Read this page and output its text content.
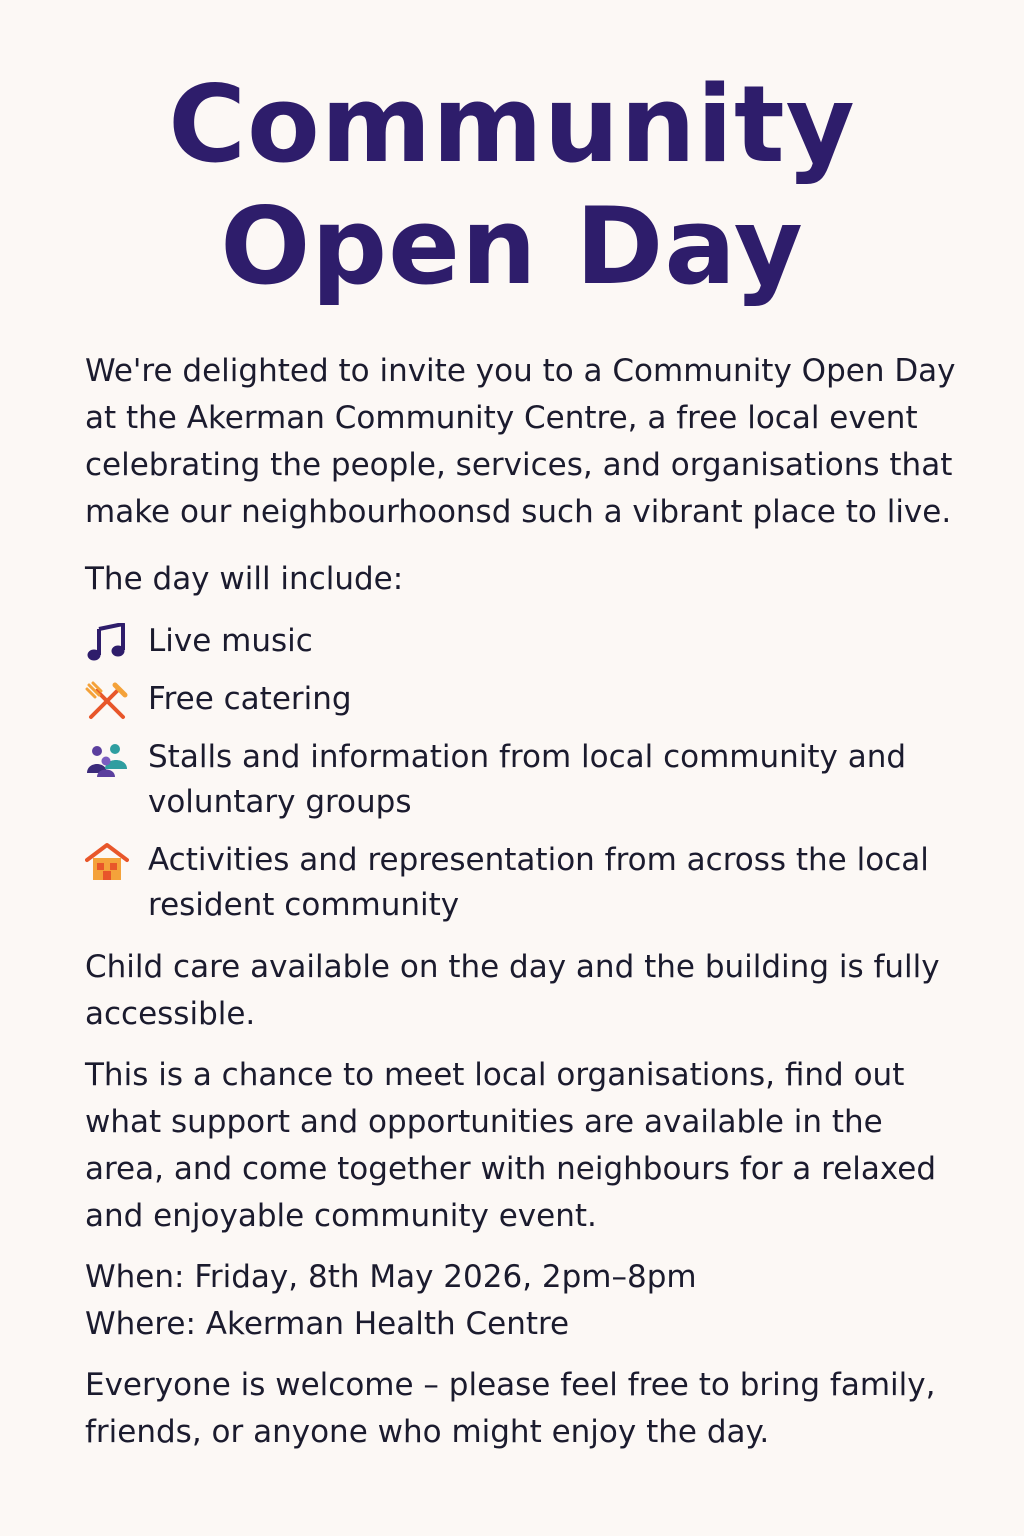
Community
Open Day

We're delighted to invite you to a Community Open Day at the Akerman Community Centre, a free local event celebrating the people, services, and organisations that make our neighbourhoonsd such a vibrant place to live.

The day will include:

Live music
Free catering
Stalls and information from local community and voluntary groups
Activities and representation from across the local resident community

Child care available on the day and the building is fully accessible.

This is a chance to meet local organisations, find out what support and opportunities are available in the area, and come together with neighbours for a relaxed and enjoyable community event.

When: Friday, 8th May 2026, 2pm–8pm
Where: Akerman Health Centre

Everyone is welcome – please feel free to bring family, friends, or anyone who might enjoy the day.
